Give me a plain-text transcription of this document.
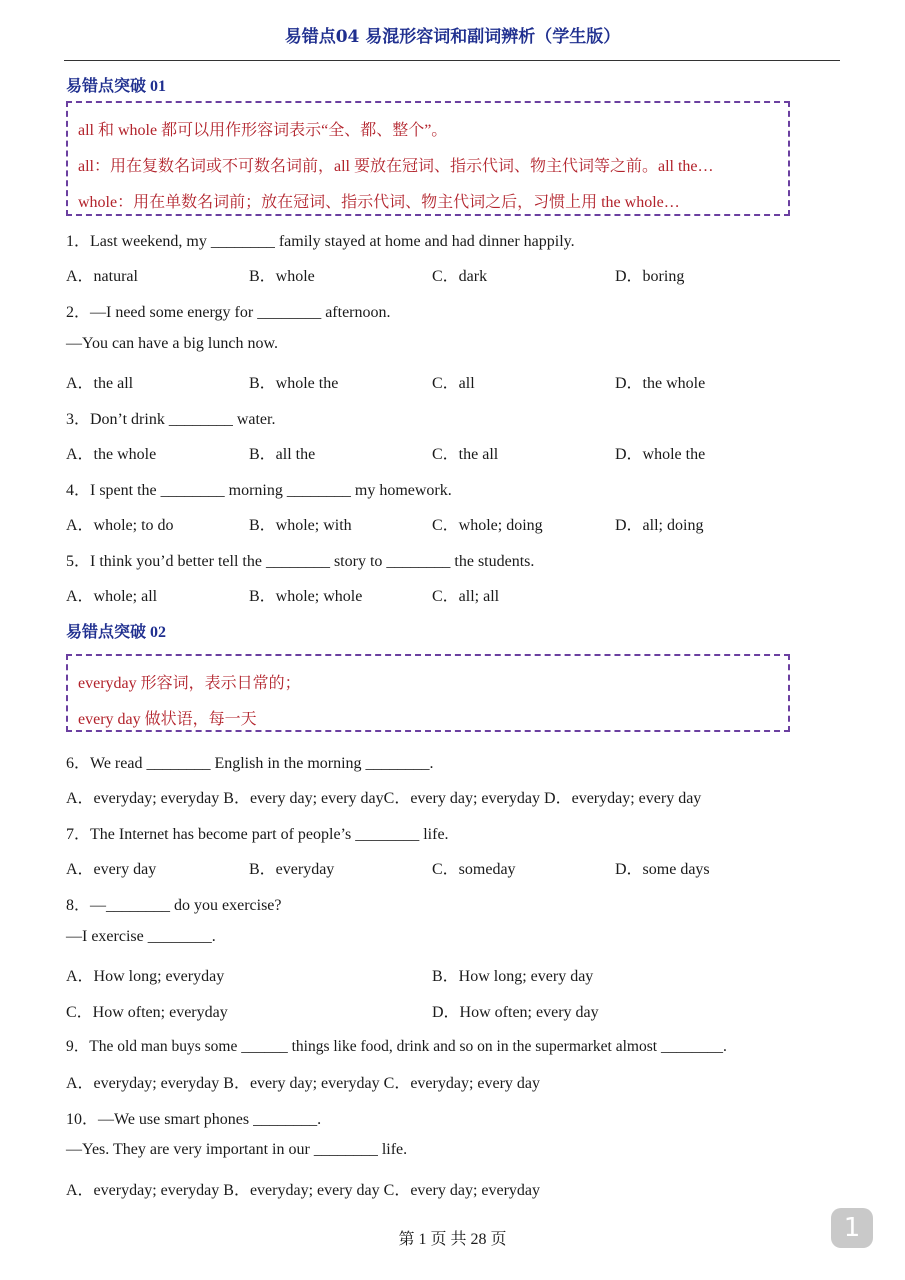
易错点04 易混形容词和副词辨析（学生版）
易错点突破 01
all 和 whole 都可以用作形容词表示“全、都、整个”。
all：用在复数名词或不可数名词前，all 要放在冠词、指示代词、物主代词等之前。all the…
whole：用在单数名词前；放在冠词、指示代词、物主代词之后，习惯上用 the whole…
1．Last weekend, my ________ family stayed at home and had dinner happily.
A．natural	B．whole	C．dark	D．boring
2．—I need some energy for ________ afternoon.
—You can have a big lunch now.
A．the all	B．whole the	C．all	D．the whole
3．Don’t drink ________ water.
A．the whole	B．all the	C．the all	D．whole the
4．I spent the ________ morning ________ my homework.
A．whole; to do	B．whole; with	C．whole; doing	D．all; doing
5．I think you’d better tell the ________ story to ________ the students.
A．whole; all	B．whole; whole	C．all; all
易错点突破 02
everyday 形容词，表示日常的；
every day 做状语，每一天
6．We read ________ English in the morning ________.
A．everyday; everyday B．every day; every dayC．every day; everyday D．everyday; every day
7．The Internet has become part of people’s ________ life.
A．every day	B．everyday	C．someday	D．some days
8．—________ do you exercise?
—I exercise ________.
A．How long; everyday	B．How long; every day
C．How often; everyday	D．How often; every day
9．The old man buys some ______ things like food, drink and so on in the supermarket almost ________.
A．everyday; everyday B．every day; everyday C．everyday; every day
10．—We use smart phones ________.
—Yes. They are very important in our ________ life.
A．everyday; everyday B．everyday; every day C．every day; everyday
第 1 页 共 28 页	1
